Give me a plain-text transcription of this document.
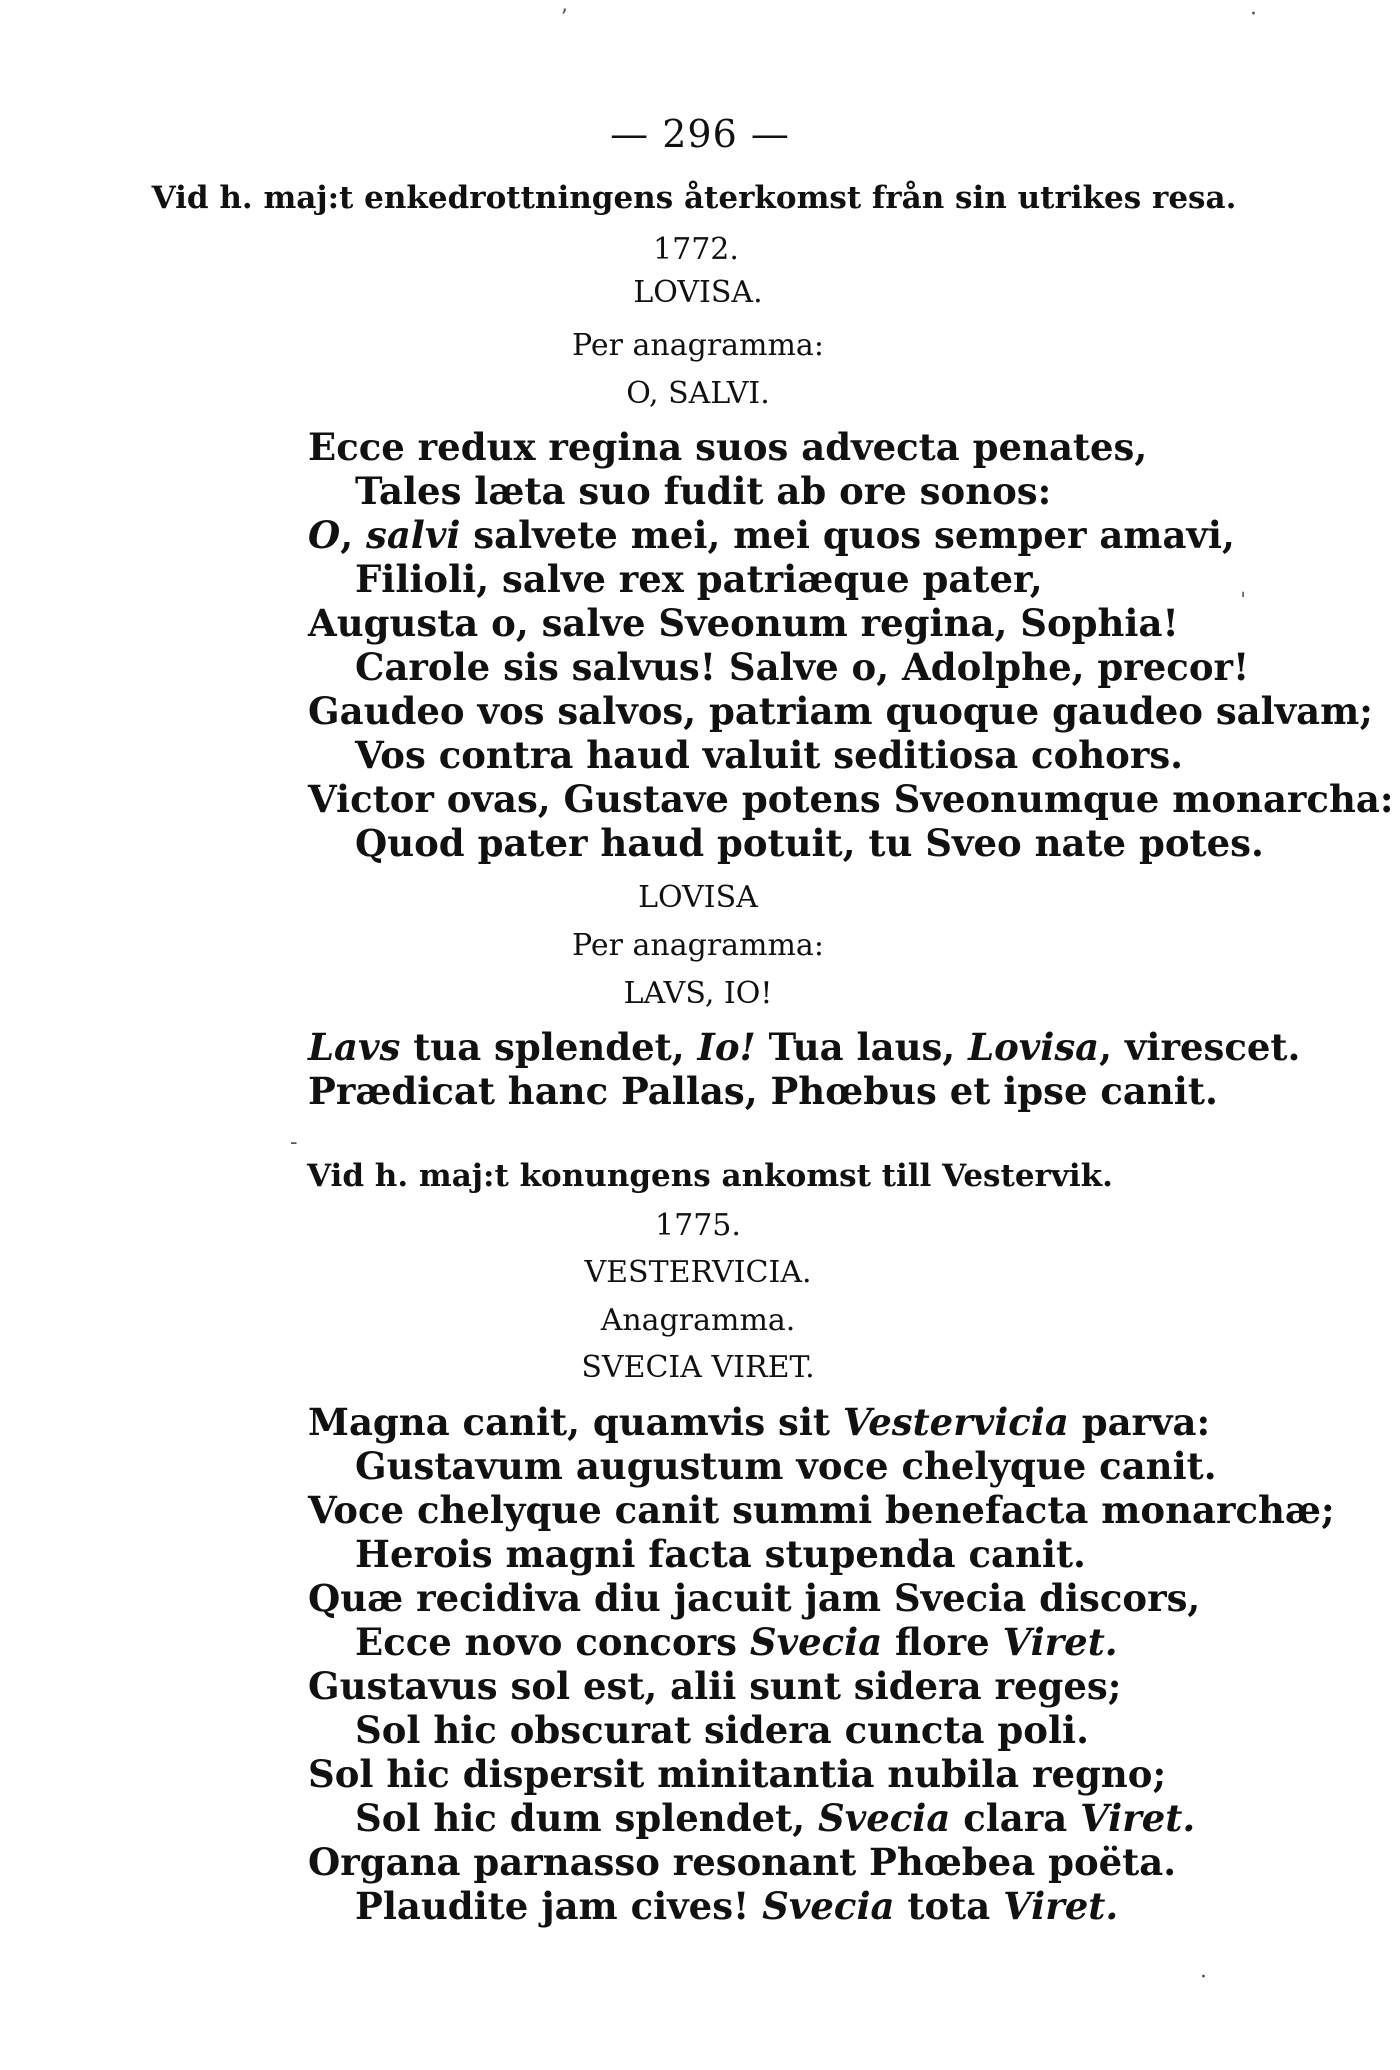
— 296 —
Vid h. maj:t enkedrottningens återkomst från sin utrikes resa.
1772.
LOVISA.
Per anagramma:
O, SALVI.
Ecce redux regina suos advecta penates,
Tales læta suo fudit ab ore sonos:
O, salvi salvete mei, mei quos semper amavi,
Filioli, salve rex patriæque pater,
Augusta o, salve Sveonum regina, Sophia!
Carole sis salvus! Salve o, Adolphe, precor!
Gaudeo vos salvos, patriam quoque gaudeo salvam;
Vos contra haud valuit seditiosa cohors.
Victor ovas, Gustave potens Sveonumque monarcha:
Quod pater haud potuit, tu Sveo nate potes.
LOVISA
Per anagramma:
LAVS, IO!
Lavs tua splendet, Io! Tua laus, Lovisa, virescet.
Prædicat hanc Pallas, Phœbus et ipse canit.
Vid h. maj:t konungens ankomst till Vestervik.
1775.
VESTERVICIA.
Anagramma.
SVECIA VIRET.
Magna canit, quamvis sit Vestervicia parva:
Gustavum augustum voce chelyque canit.
Voce chelyque canit summi benefacta monarchæ;
Herois magni facta stupenda canit.
Quæ recidiva diu jacuit jam Svecia discors,
Ecce novo concors Svecia flore Viret.
Gustavus sol est, alii sunt sidera reges;
Sol hic obscurat sidera cuncta poli.
Sol hic dispersit minitantia nubila regno;
Sol hic dum splendet, Svecia clara Viret.
Organa parnasso resonant Phœbea poëta.
Plaudite jam cives! Svecia tota Viret.
ʼ	·
ˌ
-
·
